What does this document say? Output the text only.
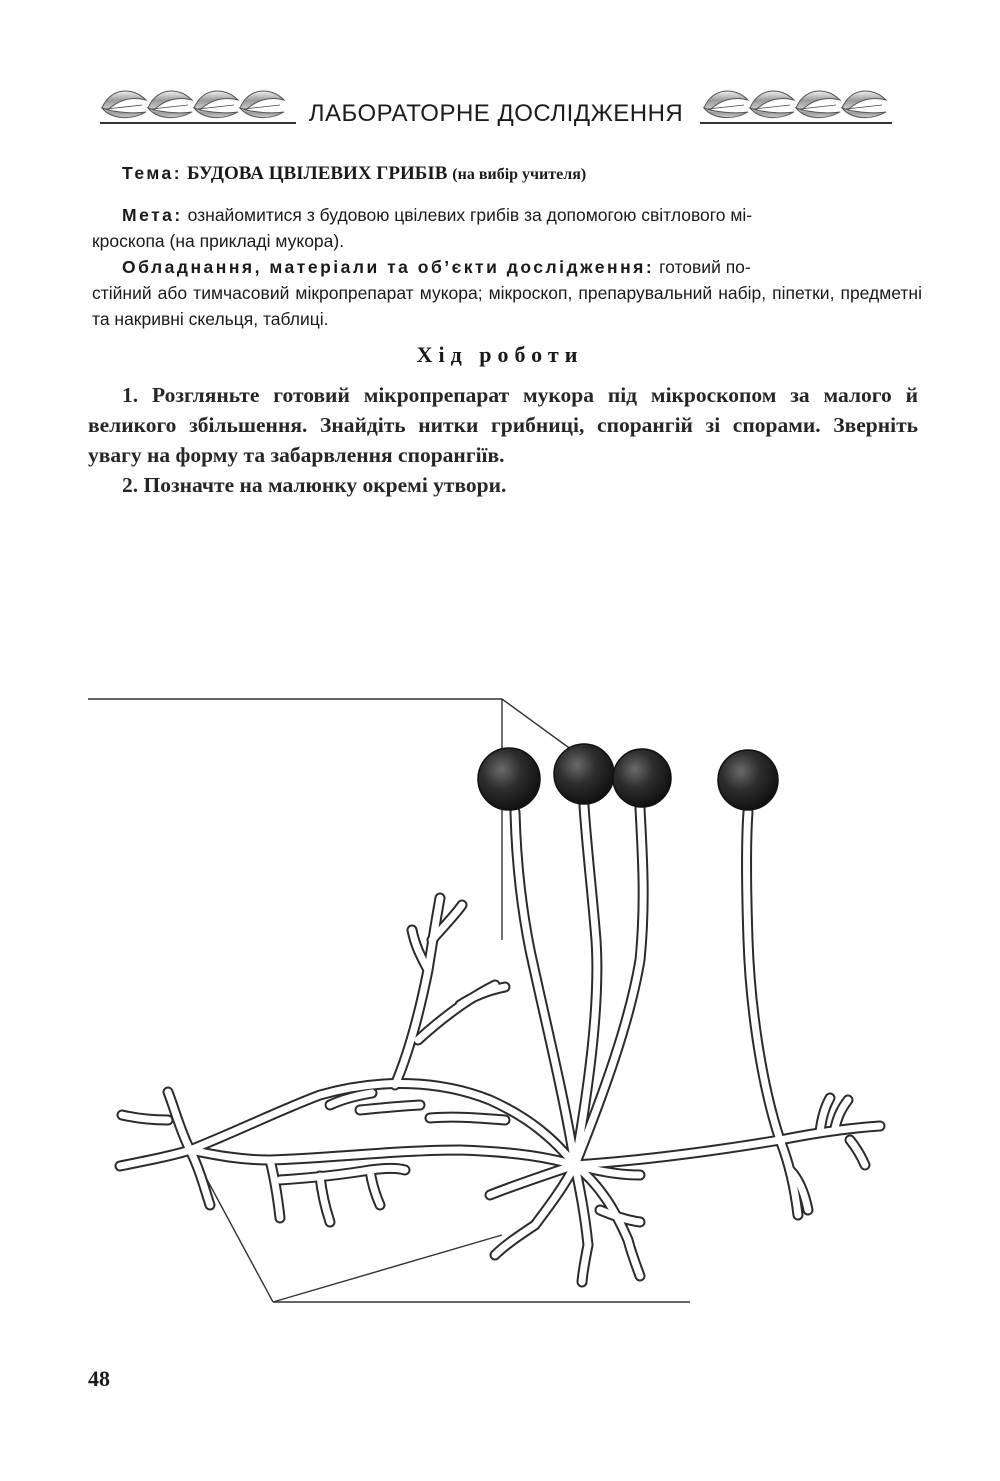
ЛАБОРАТОРНЕ ДОСЛІДЖЕННЯ
Тема: БУДОВА ЦВІЛЕВИХ ГРИБІВ (на вибір учителя)
Мета: ознайомитися з будовою цвілевих грибів за допомогою світлового мі-
кроскопа (на прикладі мукора).
Обладнання, матеріали та об’єкти дослідження: готовий по-
стійний або тимчасовий мікропрепарат мукора; мікроскоп, препарувальний набір, піпетки, предметні та накривні скельця, таблиці.
Хід роботи
1. Розгляньте готовий мікропрепарат мукора під мікроскопом за малого й великого збільшення. Знайдіть нитки грибниці, спорангій зі спорами. Зверніть увагу на форму та забарвлення спорангіїв.
2. Позначте на малюнку окремі утвори.
48
